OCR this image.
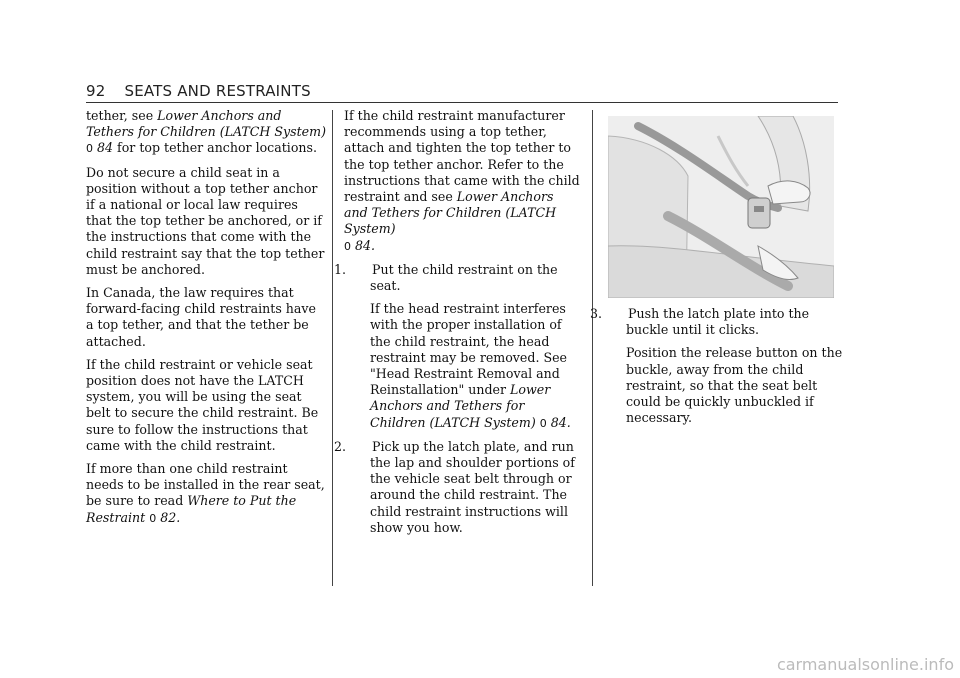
92 SEATS AND RESTRAINTS

tether, see Lower Anchors and Tethers for Children (LATCH System) 0 84 for top tether anchor locations.

Do not secure a child seat in a position without a top tether anchor if a national or local law requires that the top tether be anchored, or if the instructions that come with the child restraint say that the top tether must be anchored.

In Canada, the law requires that forward-facing child restraints have a top tether, and that the tether be attached.

If the child restraint or vehicle seat position does not have the LATCH system, you will be using the seat belt to secure the child restraint. Be sure to follow the instructions that came with the child restraint.

If more than one child restraint needs to be installed in the rear seat, be sure to read Where to Put the Restraint 0 82.

If the child restraint manufacturer recommends using a top tether, attach and tighten the top tether to the top tether anchor. Refer to the instructions that came with the child restraint and see Lower Anchors and Tethers for Children (LATCH System)
0 84.

1. Put the child restraint on the seat.

If the head restraint interferes with the proper installation of the child restraint, the head restraint may be removed. See "Head Restraint Removal and Reinstallation" under Lower Anchors and Tethers for Children (LATCH System) 0 84.

2. Pick up the latch plate, and run the lap and shoulder portions of the vehicle seat belt through or around the child restraint. The child restraint instructions will show you how.

3. Push the latch plate into the buckle until it clicks.

Position the release button on the buckle, away from the child restraint, so that the seat belt could be quickly unbuckled if necessary.

carmanualsonline.info
